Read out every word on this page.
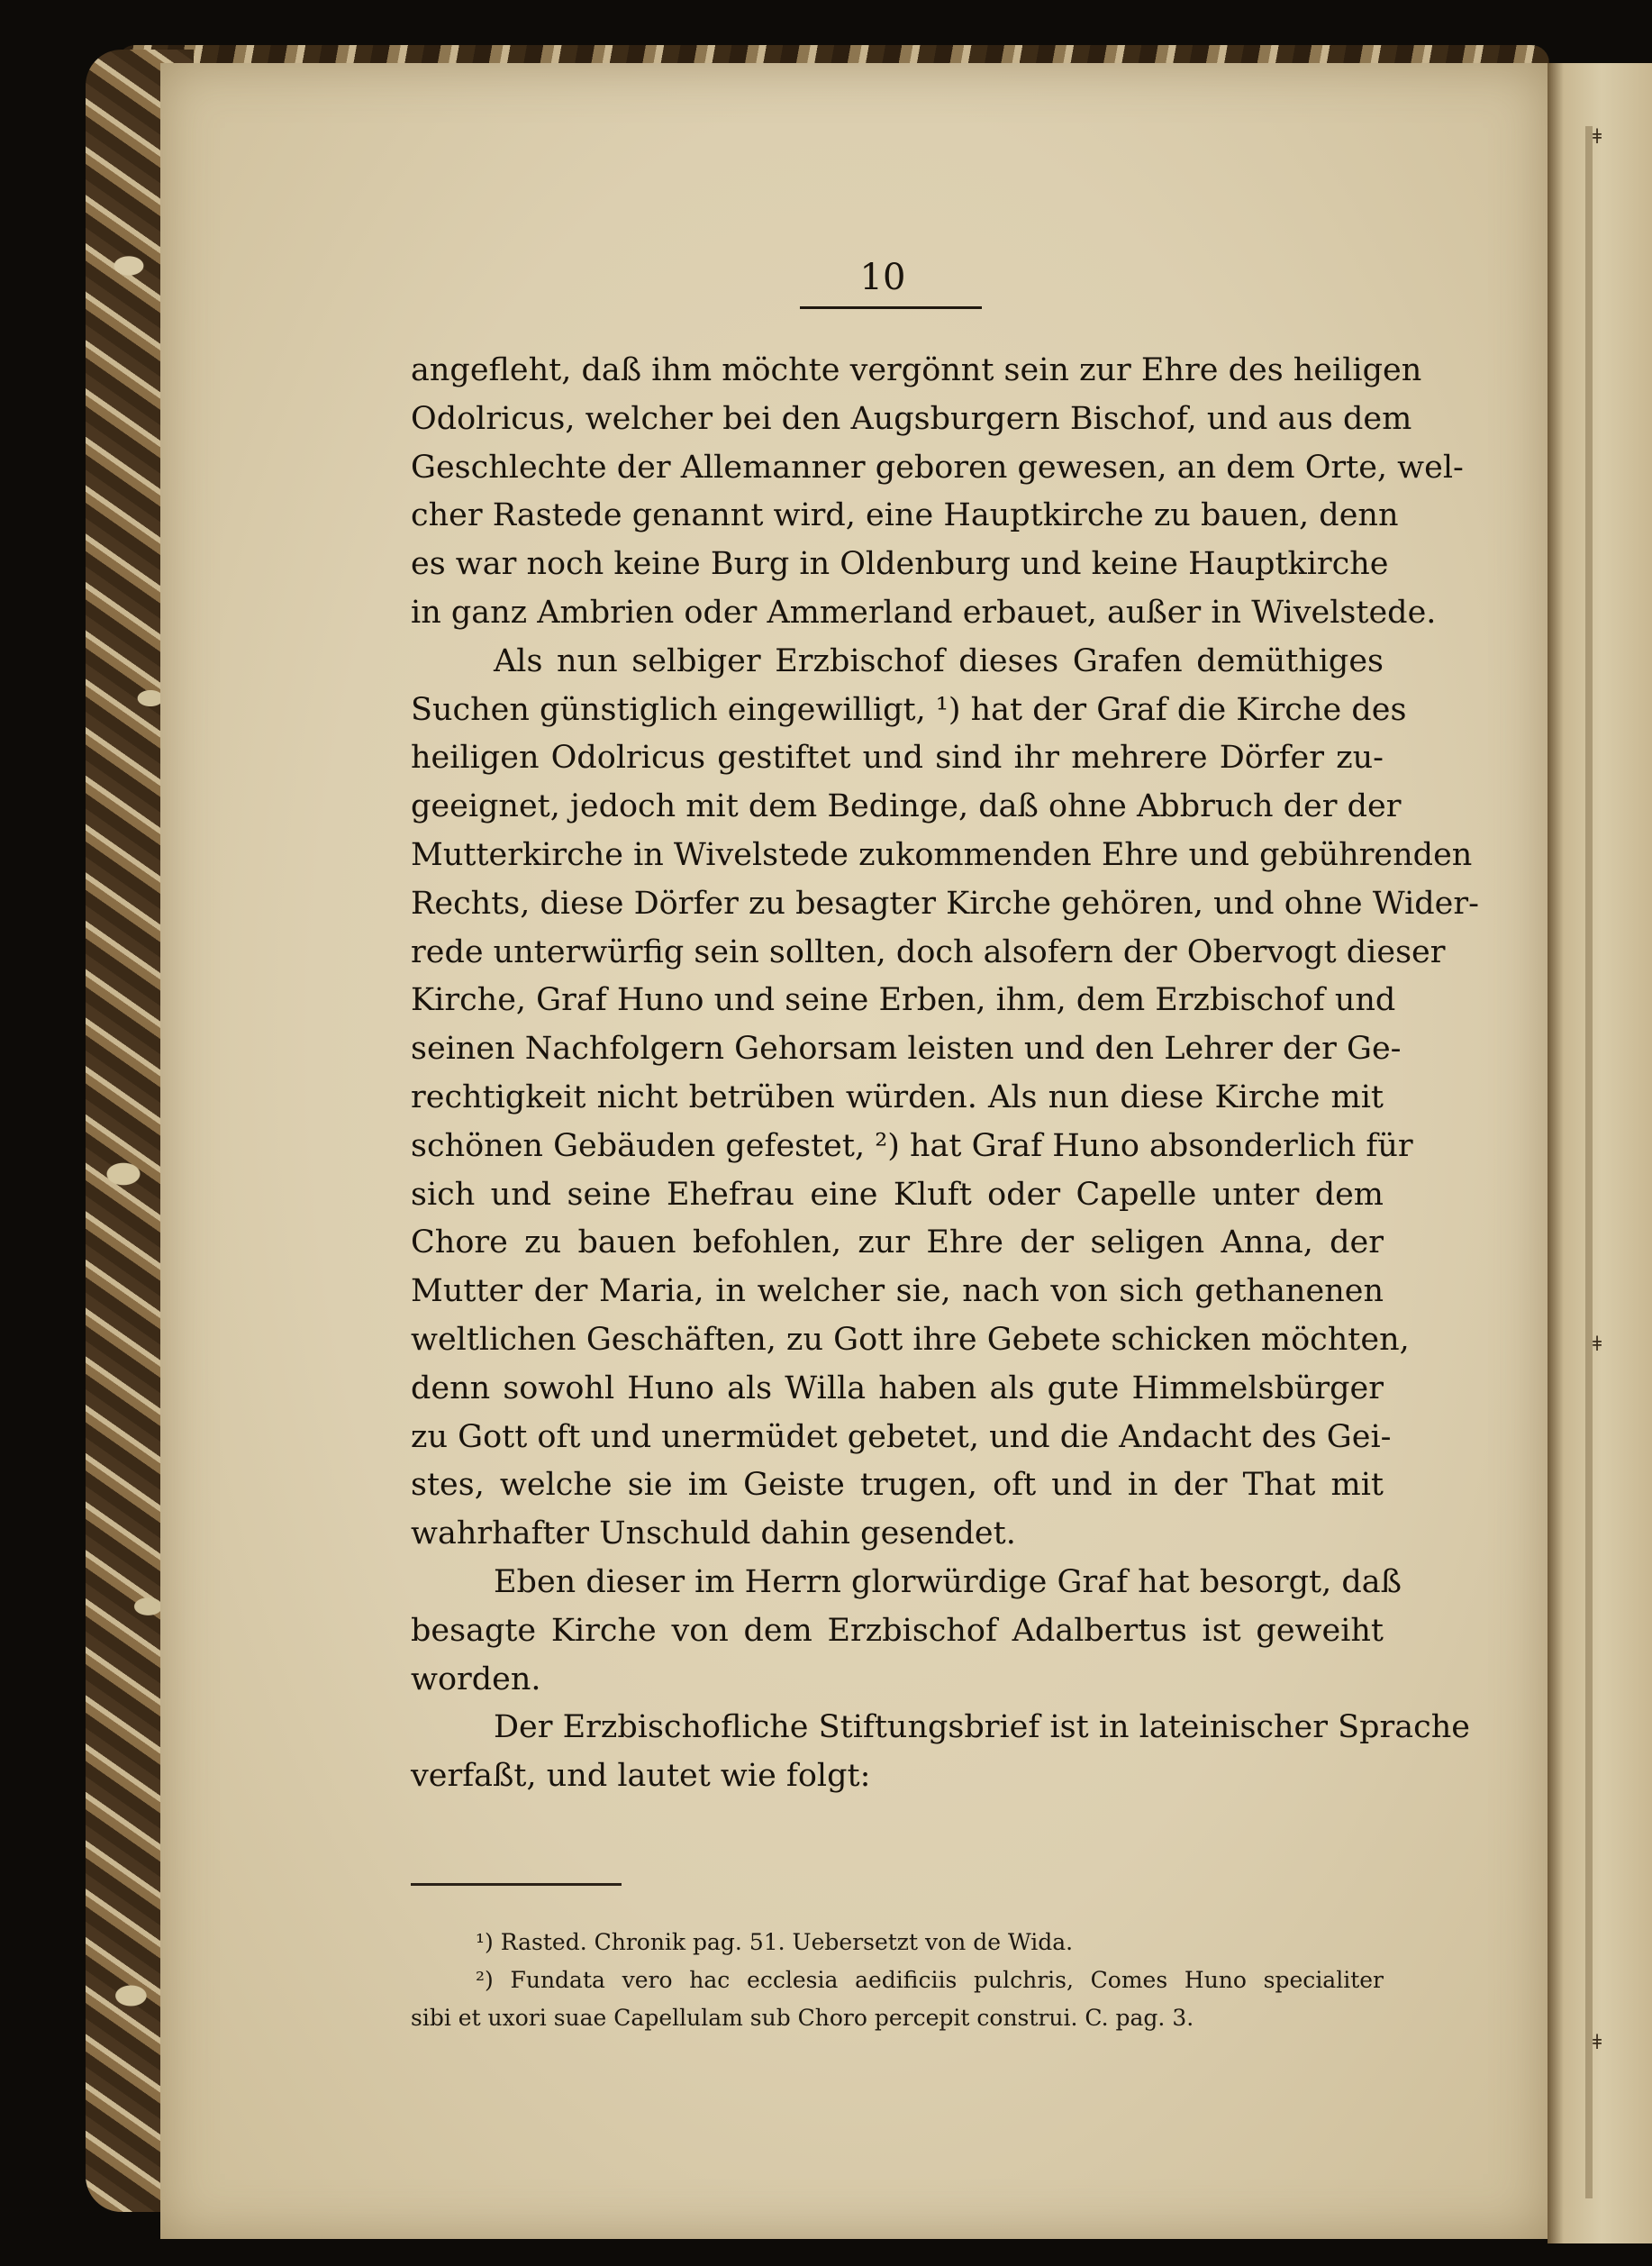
10
angefleht, daß ihm möchte vergönnt sein zur Ehre des heiligen
Odolricus, welcher bei den Augsburgern Bischof, und aus dem
Geschlechte der Allemanner geboren gewesen, an dem Orte, wel-
cher Rastede genannt wird, eine Hauptkirche zu bauen, denn
es war noch keine Burg in Oldenburg und keine Hauptkirche
in ganz Ambrien oder Ammerland erbauet, außer in Wivelstede.
Als nun selbiger Erzbischof dieses Grafen demüthiges
Suchen günstiglich eingewilligt, ¹) hat der Graf die Kirche des
heiligen Odolricus gestiftet und sind ihr mehrere Dörfer zu-
geeignet, jedoch mit dem Bedinge, daß ohne Abbruch der der
Mutterkirche in Wivelstede zukommenden Ehre und gebührenden
Rechts, diese Dörfer zu besagter Kirche gehören, und ohne Wider-
rede unterwürfig sein sollten, doch alsofern der Obervogt dieser
Kirche, Graf Huno und seine Erben, ihm, dem Erzbischof und
seinen Nachfolgern Gehorsam leisten und den Lehrer der Ge-
rechtigkeit nicht betrüben würden. Als nun diese Kirche mit
schönen Gebäuden gefestet, ²) hat Graf Huno absonderlich für
sich und seine Ehefrau eine Kluft oder Capelle unter dem
Chore zu bauen befohlen, zur Ehre der seligen Anna, der
Mutter der Maria, in welcher sie, nach von sich gethanenen
weltlichen Geschäften, zu Gott ihre Gebete schicken möchten,
denn sowohl Huno als Willa haben als gute Himmelsbürger
zu Gott oft und unermüdet gebetet, und die Andacht des Gei-
stes, welche sie im Geiste trugen, oft und in der That mit
wahrhafter Unschuld dahin gesendet.
Eben dieser im Herrn glorwürdige Graf hat besorgt, daß
besagte Kirche von dem Erzbischof Adalbertus ist geweiht
worden.
Der Erzbischofliche Stiftungsbrief ist in lateinischer Sprache
verfaßt, und lautet wie folgt:
¹) Rasted. Chronik pag. 51. Uebersetzt von de Wida.
²) Fundata vero hac ecclesia aedificiis pulchris, Comes Huno specialiter
sibi et uxori suae Capellulam sub Choro percepit construi. C. pag. 3.
ǂ
ǂ
ǂ
